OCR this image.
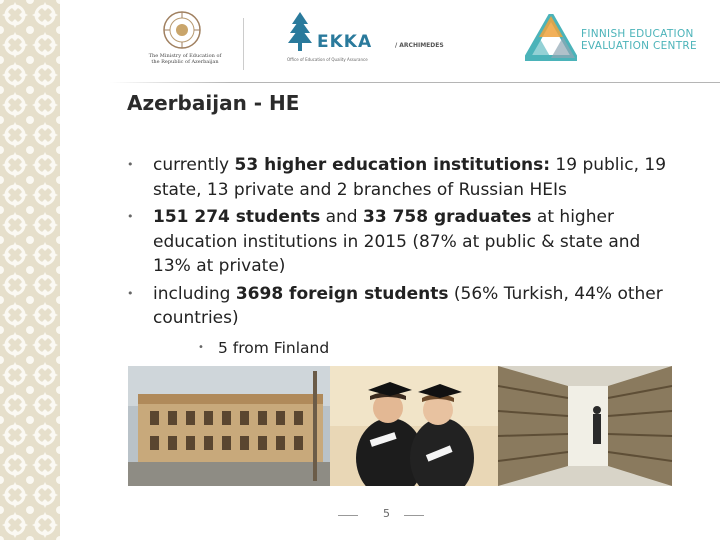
The Ministry of Education of
the Republic of Azerbaijan
EKKA
Office of Education of Quality Assurance
/ ARCHIMEDES
FINNISH EDUCATION
EVALUATION CENTRE
Azerbaijan - HE
• currently 53 higher education institutions: 19 public, 19 state, 13 private and 2 branches of Russian HEIs
• 151 274 students and 33 758 graduates at higher education institutions in 2015 (87% at public & state and 13% at private)
• including 3698 foreign students (56% Turkish, 44% other countries)
• 5 from Finland
5
